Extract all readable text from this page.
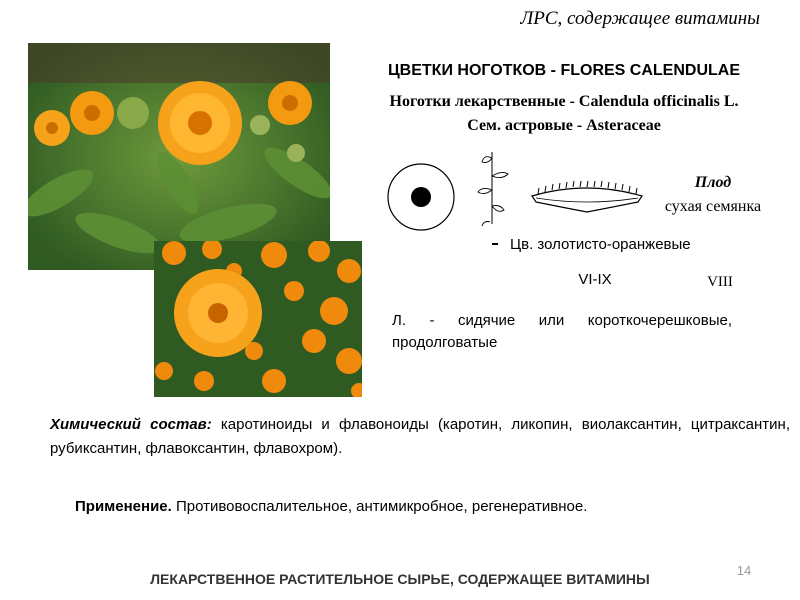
ЛРС, содержащее витамины
ЦВЕТКИ НОГОТКОВ - FLORES CALENDULAE
Ноготки лекарственные - Calendula officinalis L.
Сем. астровые - Asteraceae
Плод
сухая семянка
Цв. золотисто-оранжевые
VI-IX	VIII
Л. - сидячие или короткочерешковые, продолговатые
Химический состав: каротиноиды и флавоноиды (каротин, ликопин, виолаксантин, цитраксантин, рубиксантин, флавоксантин, флавохром).
Применение. Противовоспалительное, антимикробное, регенеративное.
14
ЛЕКАРСТВЕННОЕ РАСТИТЕЛЬНОЕ СЫРЬЕ, СОДЕРЖАЩЕЕ ВИТАМИНЫ
